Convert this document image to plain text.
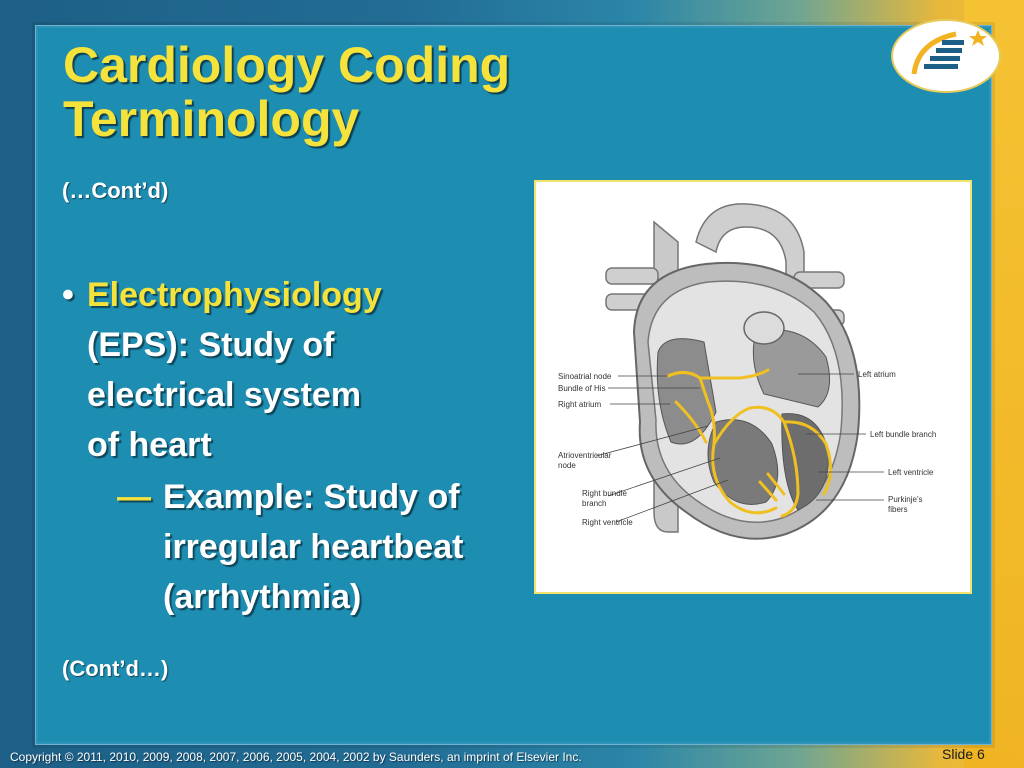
Cardiology Coding
Terminology
(…Cont’d)
• Electrophysiology
(EPS): Study of
electrical system
of heart
— Example: Study of
irregular heartbeat
(arrhythmia)
(Cont’d…)
Sinoatrial node
Bundle of His
Right atrium
Atrioventricular
node
Right bundle
branch
Right ventricle
Left atrium
Left bundle branch
Left ventricle
Purkinje’s
fibers
Copyright © 2011, 2010, 2009, 2008, 2007, 2006, 2005, 2004, 2002 by Saunders, an imprint of Elsevier Inc.	Slide 6
